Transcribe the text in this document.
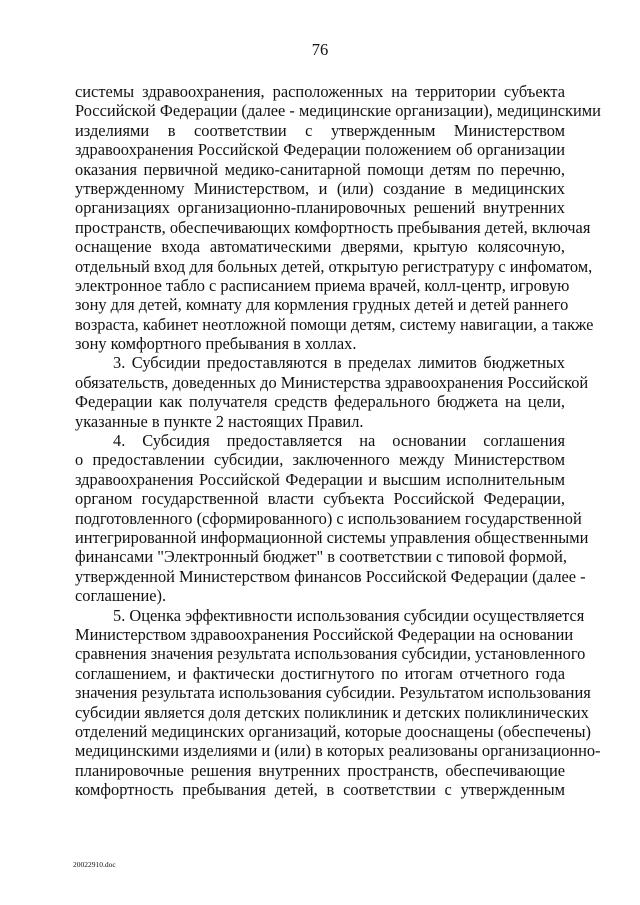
76
системы здравоохранения, расположенных на территории субъекта
Российской Федерации (далее - медицинские организации), медицинскими
изделиями в соответствии с утвержденным Министерством
здравоохранения Российской Федерации положением об организации
оказания первичной медико-санитарной помощи детям по перечню,
утвержденному Министерством, и (или) создание в медицинских
организациях организационно-планировочных решений внутренних
пространств, обеспечивающих комфортность пребывания детей, включая
оснащение входа автоматическими дверями, крытую колясочную,
отдельный вход для больных детей, открытую регистратуру с инфоматом,
электронное табло с расписанием приема врачей, колл-центр, игровую
зону для детей, комнату для кормления грудных детей и детей раннего
возраста, кабинет неотложной помощи детям, систему навигации, а также
зону комфортного пребывания в холлах.
3. Субсидии предоставляются в пределах лимитов бюджетных
обязательств, доведенных до Министерства здравоохранения Российской
Федерации как получателя средств федерального бюджета на цели,
указанные в пункте 2 настоящих Правил.
4. Субсидия предоставляется на основании соглашения
о предоставлении субсидии, заключенного между Министерством
здравоохранения Российской Федерации и высшим исполнительным
органом государственной власти субъекта Российской Федерации,
подготовленного (сформированного) с использованием государственной
интегрированной информационной системы управления общественными
финансами "Электронный бюджет" в соответствии с типовой формой,
утвержденной Министерством финансов Российской Федерации (далее -
соглашение).
5. Оценка эффективности использования субсидии осуществляется
Министерством здравоохранения Российской Федерации на основании
сравнения значения результата использования субсидии, установленного
соглашением, и фактически достигнутого по итогам отчетного года
значения результата использования субсидии. Результатом использования
субсидии является доля детских поликлиник и детских поликлинических
отделений медицинских организаций, которые дооснащены (обеспечены)
медицинскими изделиями и (или) в которых реализованы организационно-
планировочные решения внутренних пространств, обеспечивающие
комфортность пребывания детей, в соответствии с утвержденным
20022910.doc
